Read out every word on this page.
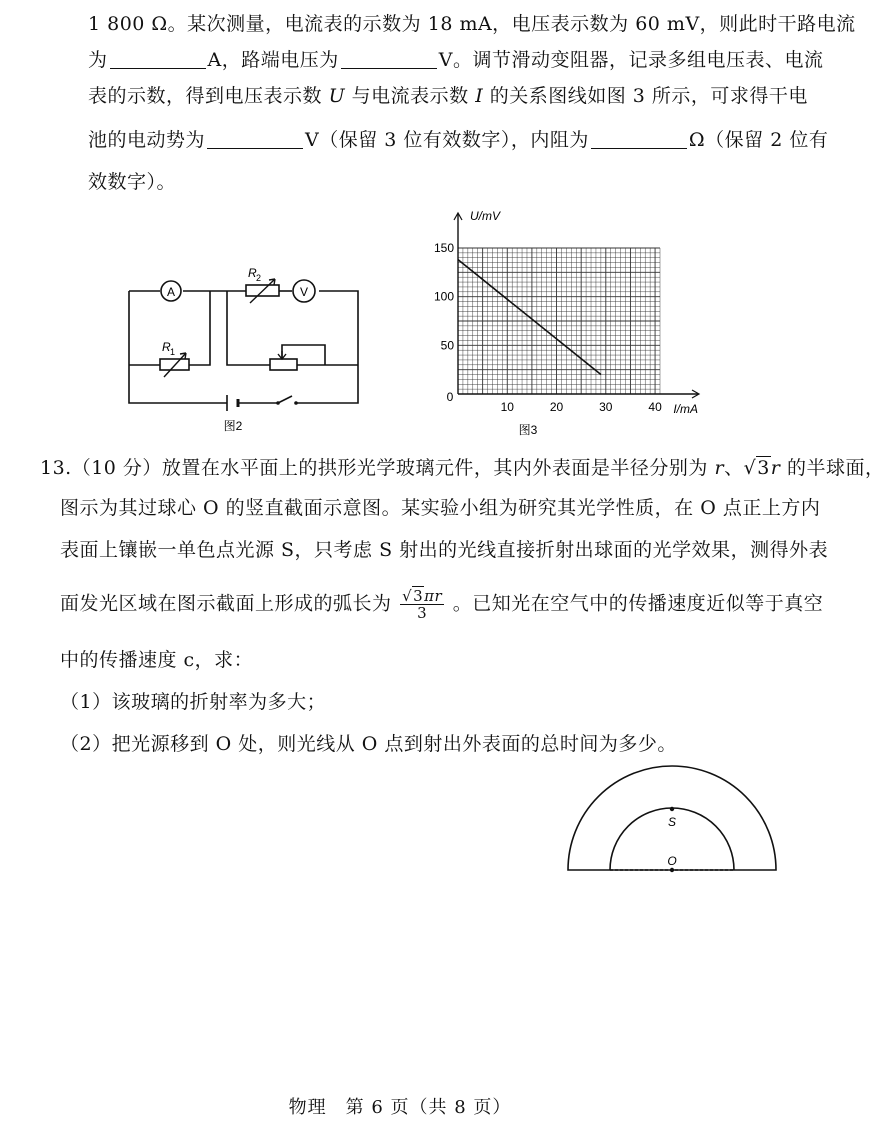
1 800 Ω。某次测量，电流表的示数为 18 mA，电压表示数为 60 mV，则此时干路电流
为	A，路端电压为	V。调节滑动变阻器，记录多组电压表、电流
表的示数，得到电压表示数 U 与电流表示数 I 的关系图线如图 3 所示，可求得干电
池的电动势为	V（保留 3 位有效数字），内阻为	Ω（保留 2 位有
效数字）。
A	V
R 2
R 1
图2
150
100
50
10	20	30	40
U/mV
I/mA
0
图3
13.（10 分）放置在水平面上的拱形光学玻璃元件，其内外表面是半径分别为 r、√3r 的半球面，
图示为其过球心 O 的竖直截面示意图。某实验小组为研究其光学性质，在 O 点正上方内
表面上镶嵌一单色点光源 S，只考虑 S 射出的光线直接折射出球面的光学效果，测得外表
面发光区域在图示截面上形成的弧长为 $\frac{√3\pi r}{3}$ 。已知光在空气中的传播速度近似等于真空
中的传播速度 c，求：
（1）该玻璃的折射率为多大；
（2）把光源移到 O 处，则光线从 O 点到射出外表面的总时间为多少。
S
O
物理　第 6 页（共 8 页）
